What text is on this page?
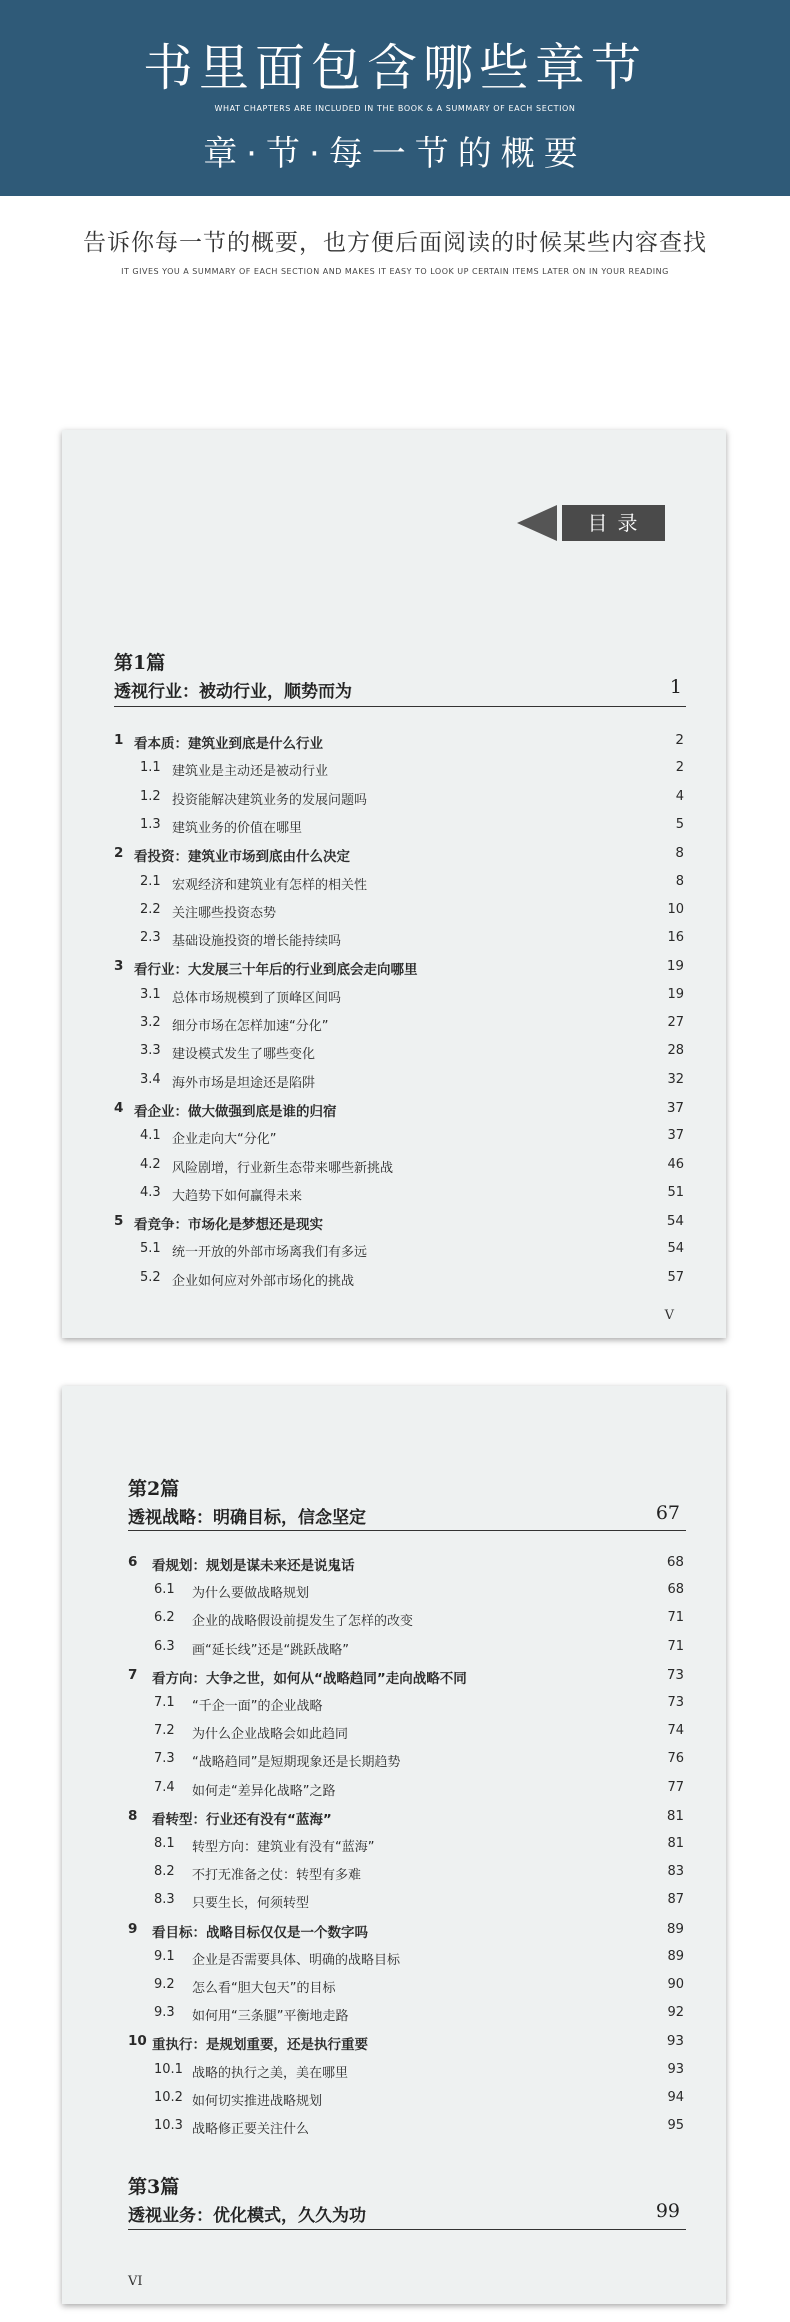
书里面包含哪些章节
WHAT CHAPTERS ARE INCLUDED IN THE BOOK & A SUMMARY OF EACH SECTION
章·节·每一节的概要
告诉你每一节的概要，也方便后面阅读的时候某些内容查找
IT GIVES YOU A SUMMARY OF EACH SECTION AND MAKES IT EASY TO LOOK UP CERTAIN ITEMS LATER ON IN YOUR READING
目录
第1篇
透视行业：被动行业，顺势而为	1
1 看本质：建筑业到底是什么行业	2
1.1 建筑业是主动还是被动行业	2
1.2 投资能解决建筑业务的发展问题吗	4
1.3 建筑业务的价值在哪里	5
2 看投资：建筑业市场到底由什么决定	8
2.1 宏观经济和建筑业有怎样的相关性	8
2.2 关注哪些投资态势	10
2.3 基础设施投资的增长能持续吗	16
3 看行业：大发展三十年后的行业到底会走向哪里	19
3.1 总体市场规模到了顶峰区间吗	19
3.2 细分市场在怎样加速“分化”	27
3.3 建设模式发生了哪些变化	28
3.4 海外市场是坦途还是陷阱	32
4 看企业：做大做强到底是谁的归宿	37
4.1 企业走向大“分化”	37
4.2 风险剧增，行业新生态带来哪些新挑战	46
4.3 大趋势下如何赢得未来	51
5 看竞争：市场化是梦想还是现实	54
5.1 统一开放的外部市场离我们有多远	54
5.2 企业如何应对外部市场化的挑战	57
V
第2篇
透视战略：明确目标，信念坚定	67
6 看规划：规划是谋未来还是说鬼话	68
6.1 为什么要做战略规划	68
6.2 企业的战略假设前提发生了怎样的改变	71
6.3 画“延长线”还是“跳跃战略”	71
7 看方向：大争之世，如何从“战略趋同”走向战略不同	73
7.1 “千企一面”的企业战略	73
7.2 为什么企业战略会如此趋同	74
7.3 “战略趋同”是短期现象还是长期趋势	76
7.4 如何走“差异化战略”之路	77
8 看转型：行业还有没有“蓝海”	81
8.1 转型方向：建筑业有没有“蓝海”	81
8.2 不打无准备之仗：转型有多难	83
8.3 只要生长，何须转型	87
9 看目标：战略目标仅仅是一个数字吗	89
9.1 企业是否需要具体、明确的战略目标	89
9.2 怎么看“胆大包天”的目标	90
9.3 如何用“三条腿”平衡地走路	92
10 重执行：是规划重要，还是执行重要	93
10.1 战略的执行之美，美在哪里	93
10.2 如何切实推进战略规划	94
10.3 战略修正要关注什么	95
第3篇
透视业务：优化模式，久久为功	99
VI
